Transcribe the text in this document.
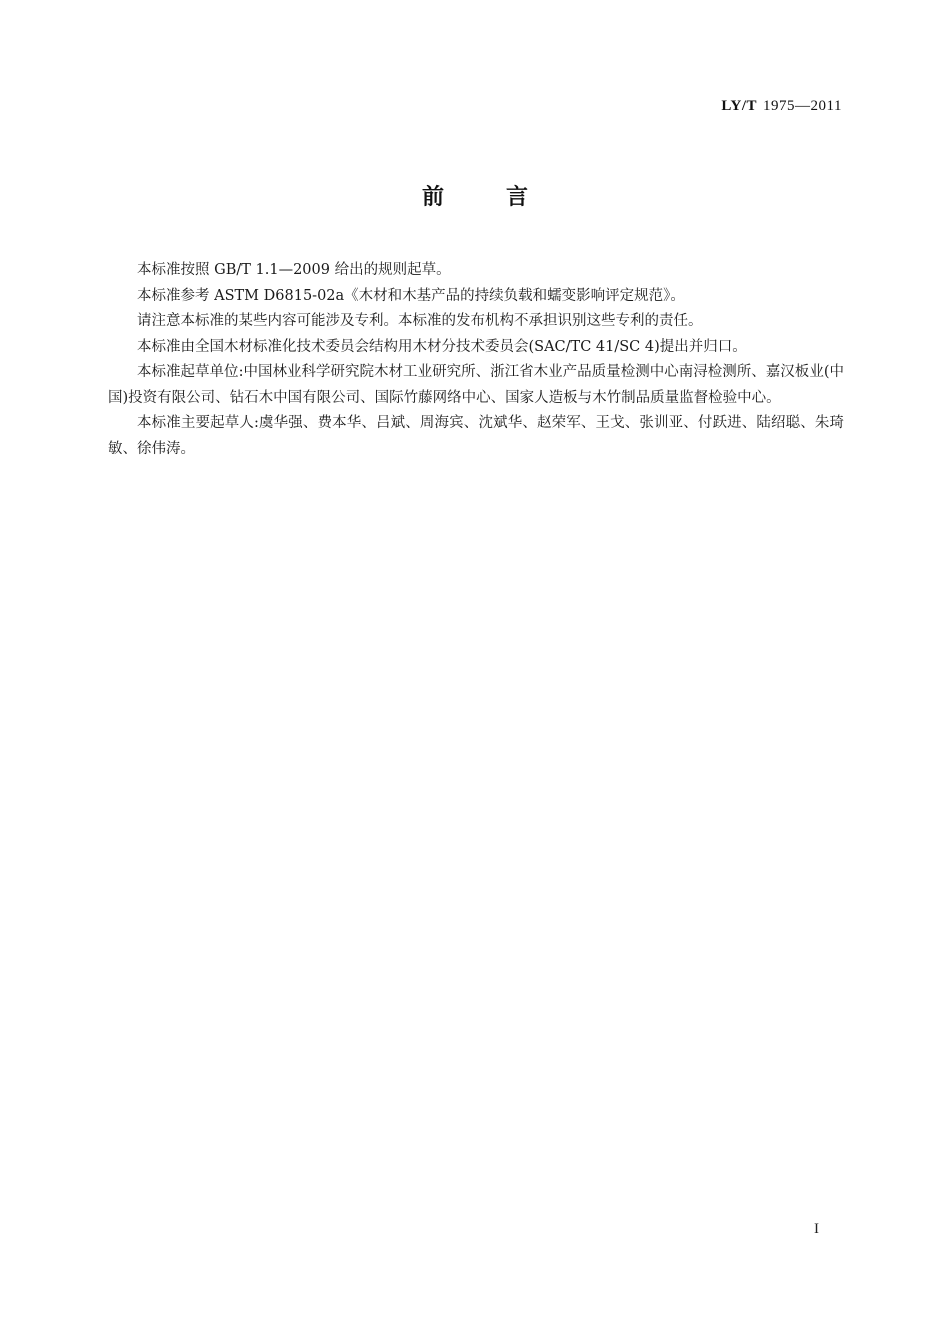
LY/T 1975—2011
前言

本标准按照 GB/T 1.1—2009 给出的规则起草。

本标准参考 ASTM D6815-02a《木材和木基产品的持续负载和蠕变影响评定规范》。

请注意本标准的某些内容可能涉及专利。本标准的发布机构不承担识别这些专利的责任。

本标准由全国木材标准化技术委员会结构用木材分技术委员会(SAC/TC 41/SC 4)提出并归口。

本标准起草单位:中国林业科学研究院木材工业研究所、浙江省木业产品质量检测中心南浔检测所、嘉汉板业(中国)投资有限公司、钻石木中国有限公司、国际竹藤网络中心、国家人造板与木竹制品质量监督检验中心。

本标准主要起草人:虞华强、费本华、吕斌、周海宾、沈斌华、赵荣军、王戈、张训亚、付跃进、陆绍聪、朱琦敏、徐伟涛。

I
